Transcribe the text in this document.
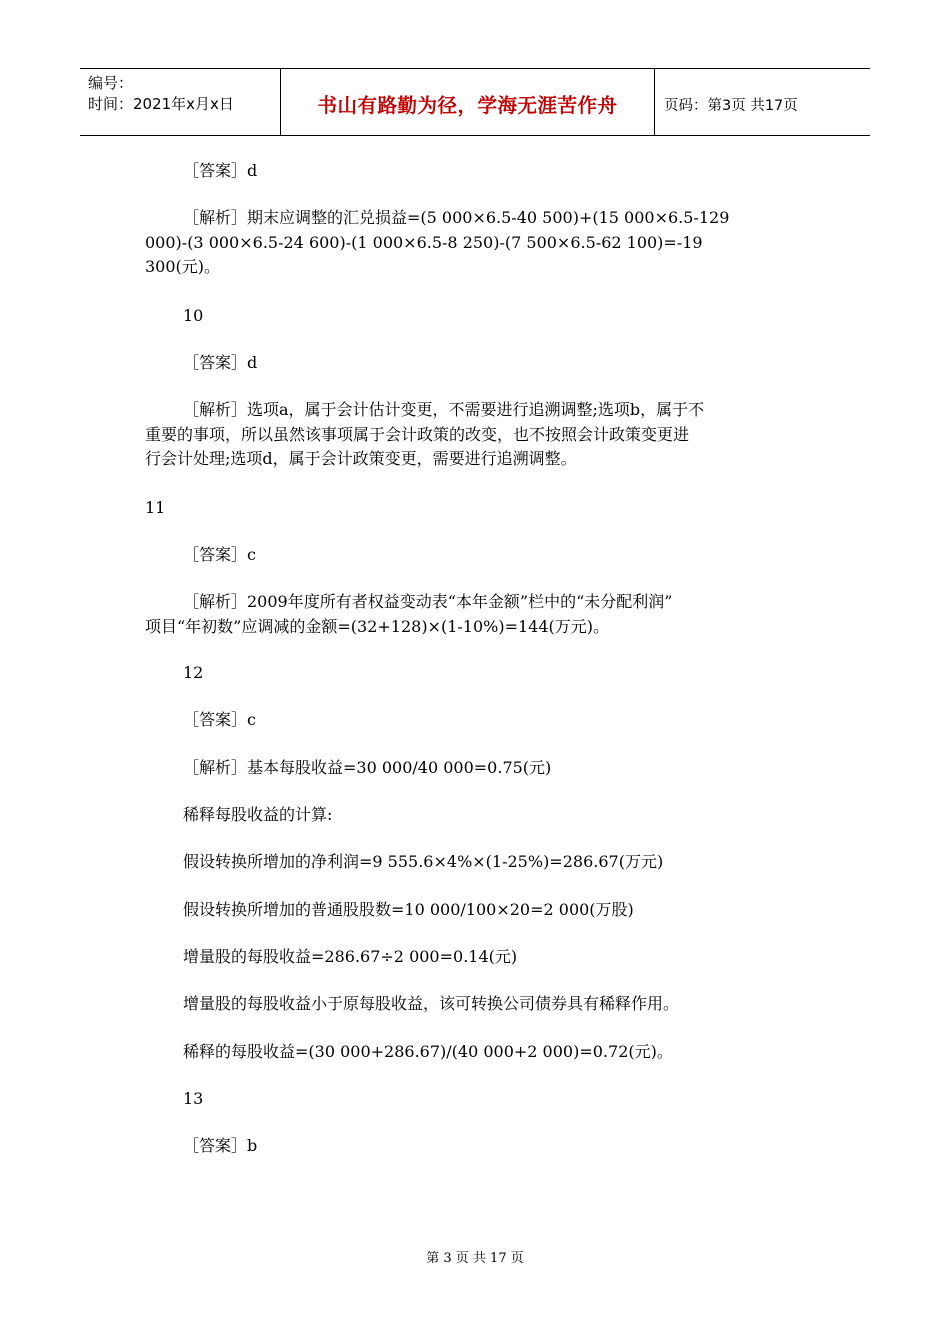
编号：
时间：2021年x月x日	书山有路勤为径，学海无涯苦作舟	页码：第3页 共17页
［答案］d
［解析］期末应调整的汇兑损益=(5 000×6.5-40 500)+(15 000×6.5-129
000)-(3 000×6.5-24 600)-(1 000×6.5-8 250)-(7 500×6.5-62 100)=-19
300(元)。
10
［答案］d
［解析］选项a，属于会计估计变更，不需要进行追溯调整;选项b，属于不
重要的事项，所以虽然该事项属于会计政策的改变，也不按照会计政策变更进
行会计处理;选项d，属于会计政策变更，需要进行追溯调整。
11
［答案］c
［解析］2009年度所有者权益变动表“本年金额”栏中的“未分配利润”
项目“年初数”应调减的金额=(32+128)×(1-10%)=144(万元)。
12
［答案］c
［解析］基本每股收益=30 000/40 000=0.75(元)
稀释每股收益的计算:
假设转换所增加的净利润=9 555.6×4%×(1-25%)=286.67(万元)
假设转换所增加的普通股股数=10 000/100×20=2 000(万股)
增量股的每股收益=286.67÷2 000=0.14(元)
增量股的每股收益小于原每股收益，该可转换公司债券具有稀释作用。
稀释的每股收益=(30 000+286.67)/(40 000+2 000)=0.72(元)。
13
［答案］b
第 3 页 共 17 页
